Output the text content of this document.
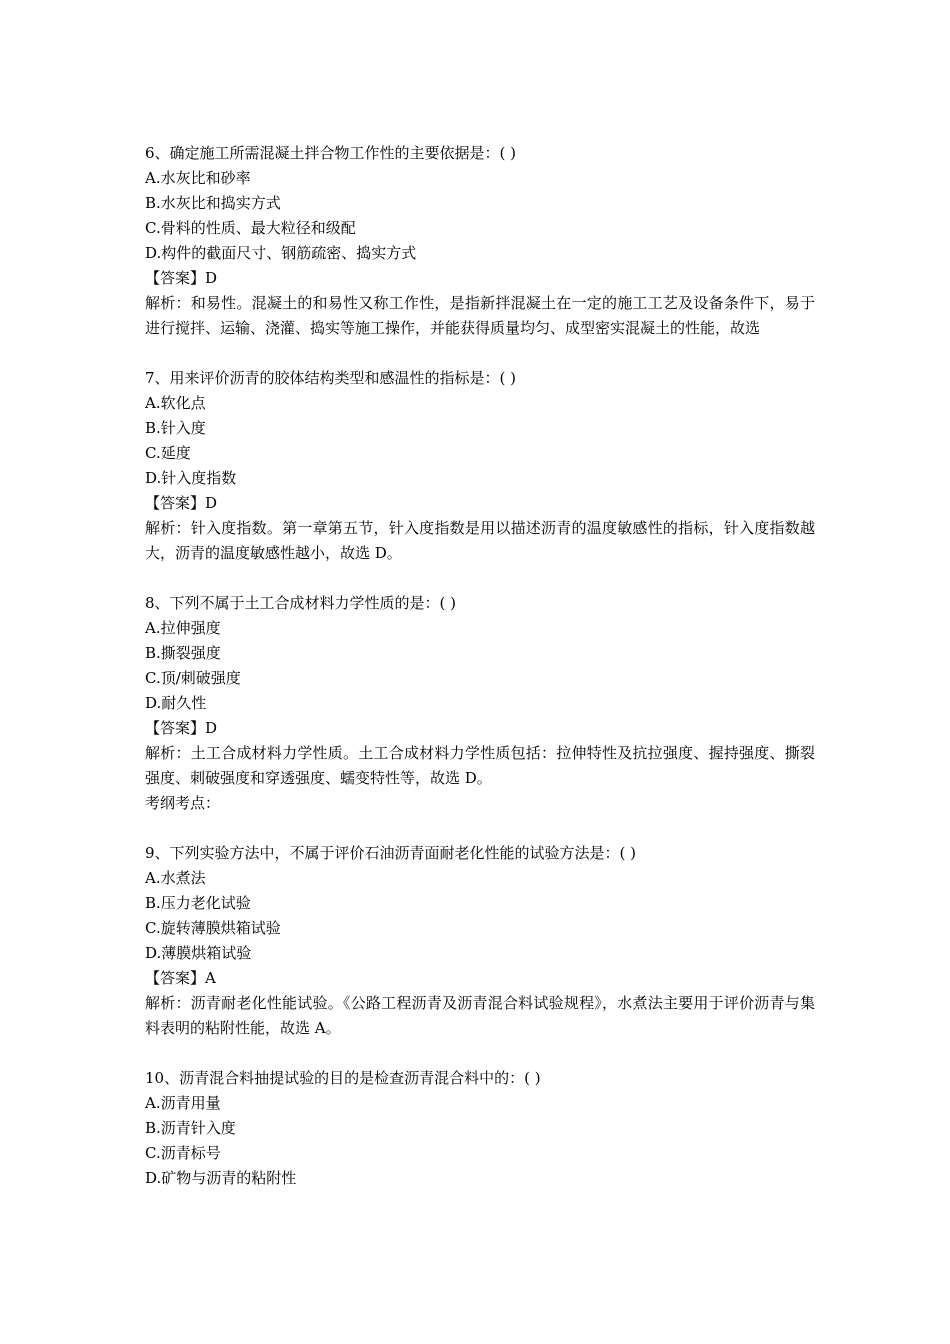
6、确定施工所需混凝土拌合物工作性的主要依据是：( )
A.水灰比和砂率
B.水灰比和捣实方式
C.骨料的性质、最大粒径和级配
D.构件的截面尺寸、钢筋疏密、捣实方式
【答案】D
解析：和易性。混凝土的和易性又称工作性，是指新拌混凝土在一定的施工工艺及设备条件下，易于进行搅拌、运输、浇灌、捣实等施工操作，并能获得质量均匀、成型密实混凝土的性能，故选
7、用来评价沥青的胶体结构类型和感温性的指标是：( )
A.软化点
B.针入度
C.延度
D.针入度指数
【答案】D
解析：针入度指数。第一章第五节，针入度指数是用以描述沥青的温度敏感性的指标，针入度指数越大，沥青的温度敏感性越小，故选 D。
8、下列不属于土工合成材料力学性质的是：( )
A.拉伸强度
B.撕裂强度
C.顶/刺破强度
D.耐久性
【答案】D
解析：土工合成材料力学性质。土工合成材料力学性质包括：拉伸特性及抗拉强度、握持强度、撕裂强度、刺破强度和穿透强度、蠕变特性等，故选 D。
考纲考点：
9、下列实验方法中，不属于评价石油沥青面耐老化性能的试验方法是：( )
A.水煮法
B.压力老化试验
C.旋转薄膜烘箱试验
D.薄膜烘箱试验
【答案】A
解析：沥青耐老化性能试验。《公路工程沥青及沥青混合料试验规程》，水煮法主要用于评价沥青与集料表明的粘附性能，故选 A。
10、沥青混合料抽提试验的目的是检查沥青混合料中的：( )
A.沥青用量
B.沥青针入度
C.沥青标号
D.矿物与沥青的粘附性
